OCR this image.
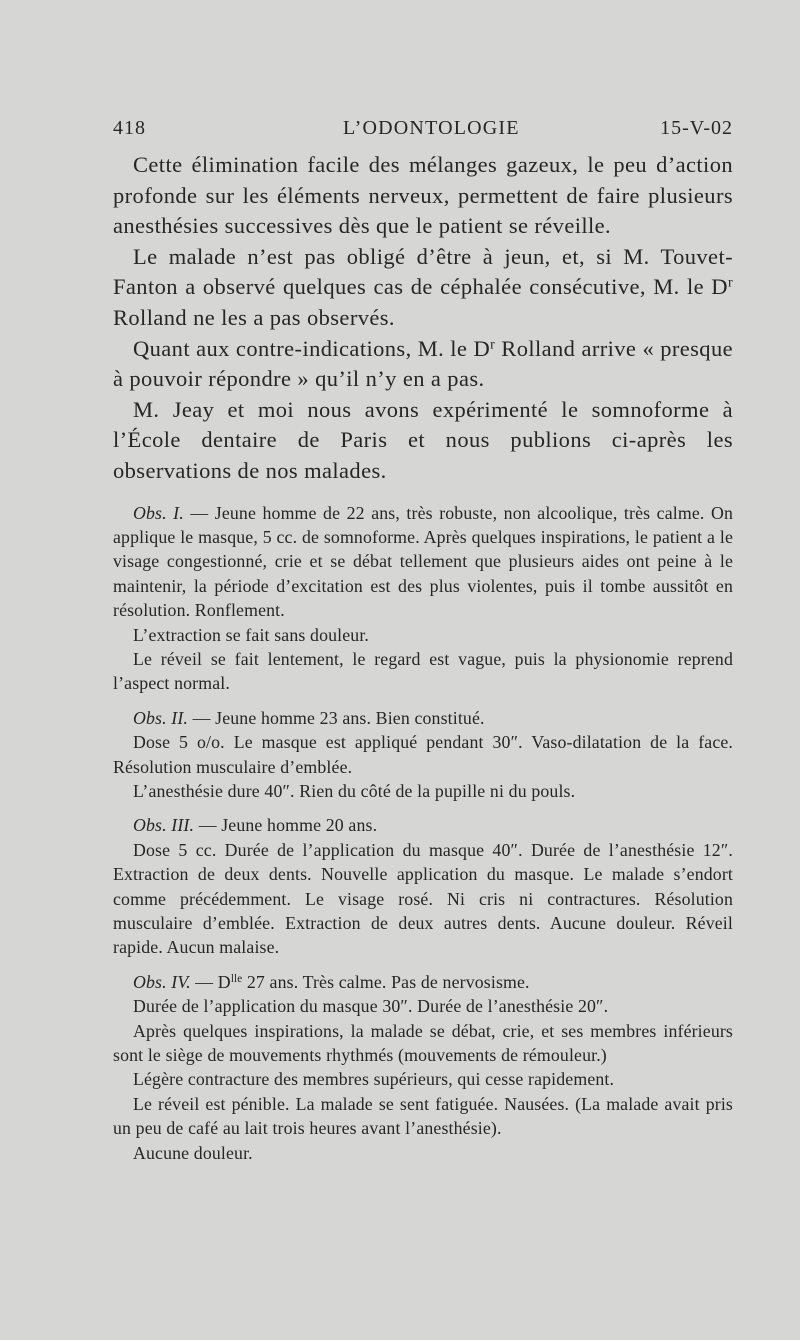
418	L’ODONTOLOGIE	15-V-02

Cette élimination facile des mélanges gazeux, le peu d’action profonde sur les éléments nerveux, permettent de faire plusieurs anesthésies successives dès que le patient se réveille.

Le malade n’est pas obligé d’être à jeun, et, si M. Touvet-Fanton a observé quelques cas de céphalée consécutive, M. le $D^r$ Rolland ne les a pas observés.

Quant aux contre-indications, M. le $D^r$ Rolland arrive « presque à pouvoir répondre » qu’il n’y en a pas.

M. Jeay et moi nous avons expérimenté le somnoforme à l’École dentaire de Paris et nous publions ci-après les observations de nos malades.

Obs. I. — Jeune homme de 22 ans, très robuste, non alcoolique, très calme. On applique le masque, 5 cc. de somnoforme. Après quelques inspirations, le patient a le visage congestionné, crie et se débat tellement que plusieurs aides ont peine à le maintenir, la période d’excitation est des plus violentes, puis il tombe aussitôt en résolution. Ronflement.

L’extraction se fait sans douleur.

Le réveil se fait lentement, le regard est vague, puis la physionomie reprend l’aspect normal.

Obs. II. — Jeune homme 23 ans. Bien constitué.

Dose 5 o/o. Le masque est appliqué pendant 30″. Vaso-dilatation de la face. Résolution musculaire d’emblée.

L’anesthésie dure 40″. Rien du côté de la pupille ni du pouls.

Obs. III. — Jeune homme 20 ans.

Dose 5 cc. Durée de l’application du masque 40″. Durée de l’anesthésie 12″. Extraction de deux dents. Nouvelle application du masque. Le malade s’endort comme précédemment. Le visage rosé. Ni cris ni contractures. Résolution musculaire d’emblée. Extraction de deux autres dents. Aucune douleur. Réveil rapide. Aucun malaise.

Obs. IV. — $D^{lle}$ 27 ans. Très calme. Pas de nervosisme.

Durée de l’application du masque 30″. Durée de l’anesthésie 20″.

Après quelques inspirations, la malade se débat, crie, et ses membres inférieurs sont le siège de mouvements rhythmés (mouvements de rémouleur.)

Légère contracture des membres supérieurs, qui cesse rapidement.

Le réveil est pénible. La malade se sent fatiguée. Nausées. (La malade avait pris un peu de café au lait trois heures avant l’anesthésie).

Aucune douleur.
